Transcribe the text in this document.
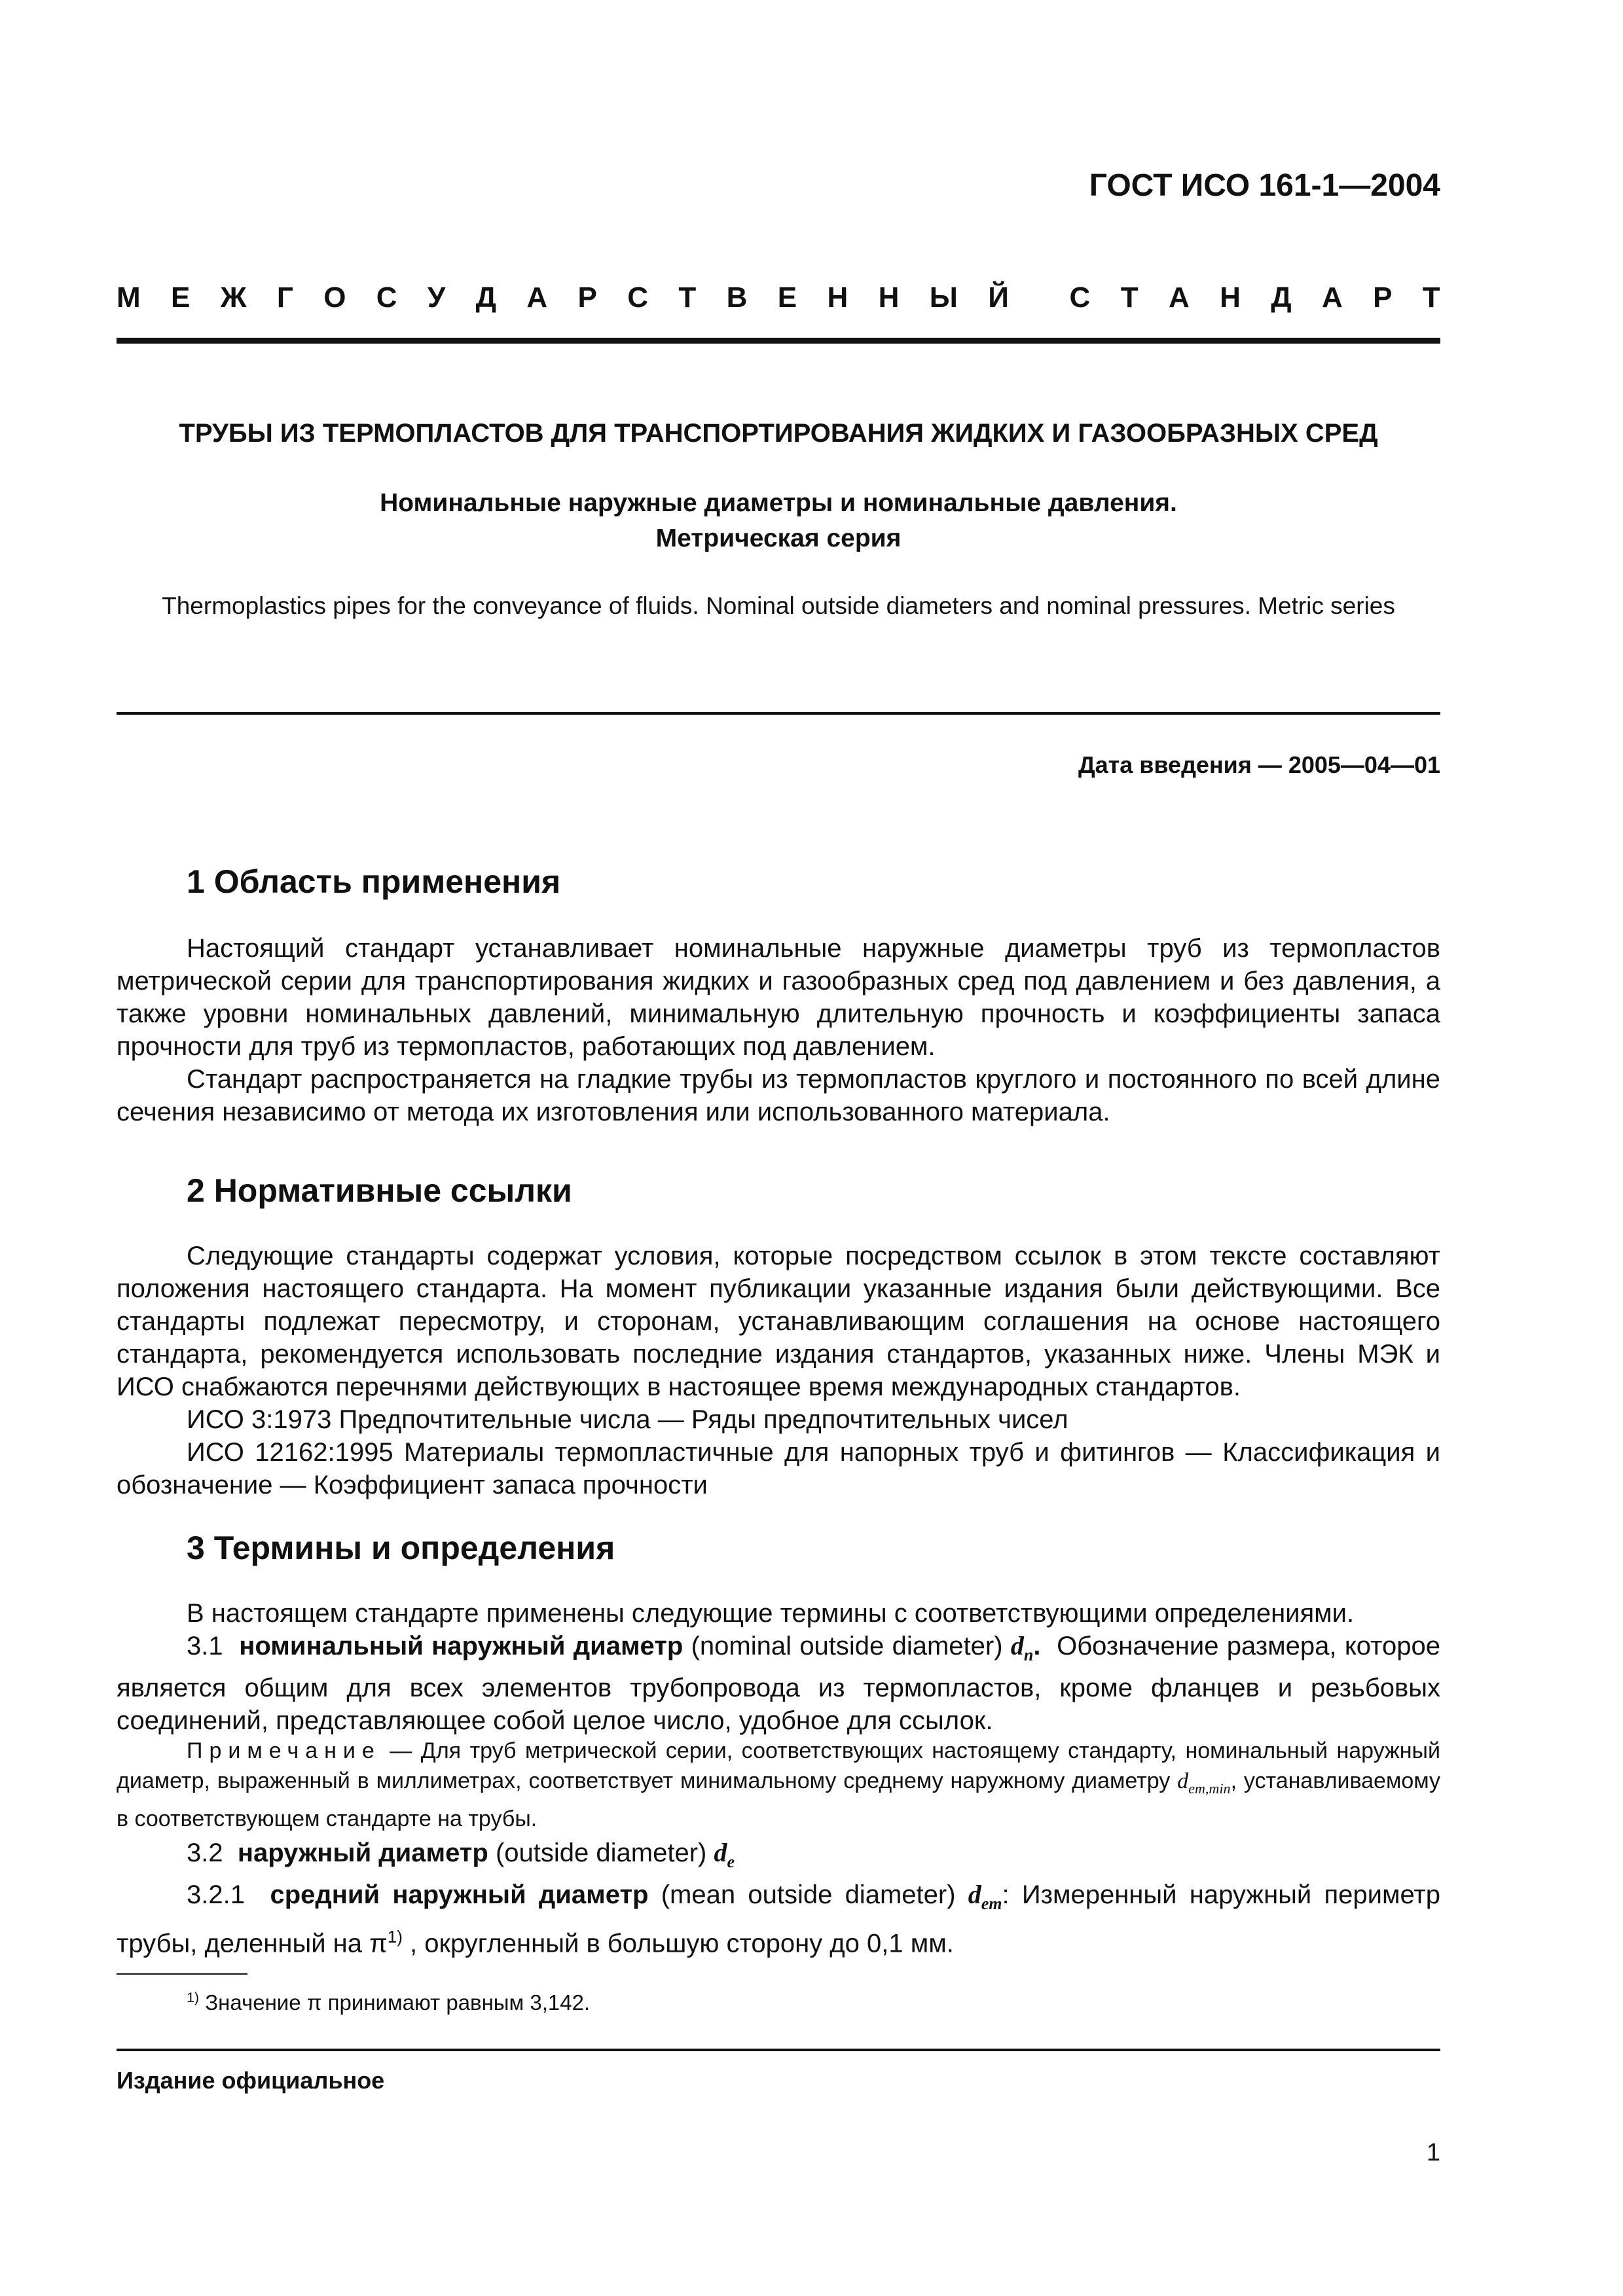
ГОСТ ИСО 161-1—2004
М Е Ж Г О С У Д А Р С Т В Е Н Н Ы Й С Т А Н Д А Р Т
ТРУБЫ ИЗ ТЕРМОПЛАСТОВ ДЛЯ ТРАНСПОРТИРОВАНИЯ ЖИДКИХ И ГАЗООБРАЗНЫХ СРЕД
Номинальные наружные диаметры и номинальные давления.
Метрическая серия
Thermoplastics pipes for the conveyance of fluids. Nominal outside diameters and nominal pressures. Metric series
Дата введения — 2005—04—01
1 Область применения

Настоящий стандарт устанавливает номинальные наружные диаметры труб из термопластов метрической серии для транспортирования жидких и газообразных сред под давлением и без давления, а также уровни номинальных давлений, минимальную длительную прочность и коэффициенты запаса прочности для труб из термопластов, работающих под давлением.

Стандарт распространяется на гладкие трубы из термопластов круглого и постоянного по всей длине сечения независимо от метода их изготовления или использованного материала.

2 Нормативные ссылки

Следующие стандарты содержат условия, которые посредством ссылок в этом тексте составляют положения настоящего стандарта. На момент публикации указанные издания были действующими. Все стандарты подлежат пересмотру, и сторонам, устанавливающим соглашения на основе настоящего стандарта, рекомендуется использовать последние издания стандартов, указанных ниже. Члены МЭК и ИСО снабжаются перечнями действующих в настоящее время международных стандартов.

ИСО 3:1973 Предпочтительные числа — Ряды предпочтительных чисел

ИСО 12162:1995 Материалы термопластичные для напорных труб и фитингов — Классификация и обозначение — Коэффициент запаса прочности

3 Термины и определения

В настоящем стандарте применены следующие термины с соответствующими определениями.

3.1 номинальный наружный диаметр (nominal outside diameter) $d_n$. Обозначение размера, которое является общим для всех элементов трубопровода из термопластов, кроме фланцев и резьбовых соединений, представляющее собой целое число, удобное для ссылок.

Примечание — Для труб метрической серии, соответствующих настоящему стандарту, номинальный наружный диаметр, выраженный в миллиметрах, соответствует минимальному среднему наружному диаметру $d_{em,min}$, устанавливаемому в соответствующем стандарте на трубы.

3.2 наружный диаметр (outside diameter) $d_e$

3.2.1 средний наружный диаметр (mean outside diameter) $d_{em}$: Измеренный наружный периметр трубы, деленный на $\pi^{1)}$ , округленный в большую сторону до 0,1 мм.

$^{1)}$ Значение π принимают равным 3,142.
Издание официальное
1
